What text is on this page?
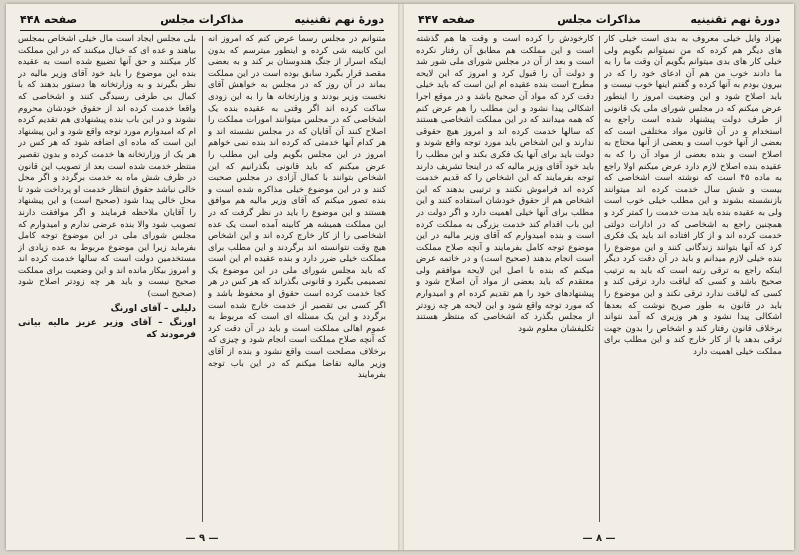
دورهٔ نهم تقنینیه
مذاکرات مجلس
صفحه ۴۴۸

متنوانم در مجلس رسما عرض کنم که امروز انه این کابینه شی کرده و اینطور میترسم که بدون اینکه اسرار از جنگ هندوستان بر کند و به بعضی مقصد قرار بگیرد سابق بوده است در این مملکت بماند در آن روز که در مجلس به خواهش آقای نخست وزیر بودند و وزارتخانه ها را به این زودی ساکت کرده اند اگر وقتی به عقیده بنده یک اشخاصی که در مجلس میتوانند امورات مملکت را اصلاح کنند آن آقایان که در مجلس نشسته اند و هر کدام آنها خدمتی که کرده اند بنده نمی خواهم امروز در این مجلس بگویم ولی این مطلب را عرض میکنم که باید قانونی بگذرانیم که این اشخاص بتوانند با کمال آزادی در مجلس صحبت کنند و در این موضوع خیلی مذاکره شده است و بنده تصور میکنم که آقای وزیر مالیه هم موافق هستند و این موضوع را باید در نظر گرفت که در این مملکت همیشه هر کابینه آمده است یک عده اشخاصی را از کار خارج کرده اند و این اشخاص هیچ وقت نتوانسته اند برگردند و این مطلب برای مملکت خیلی ضرر دارد و بنده عقیده ام این است که باید مجلس شورای ملی در این موضوع یک تصمیمی بگیرد و قانونی بگذراند که هر کس در هر کجا خدمت کرده است حقوق او محفوظ باشد و اگر کسی بی تقصیر از خدمت خارج شده است برگردد و این یک مسئله ای است که مربوط به عموم اهالی مملکت است و باید در آن دقت کرد که آنچه صلاح مملکت است انجام شود و چیزی که برخلاف مصلحت است واقع نشود و بنده از آقای وزیر مالیه تقاضا میکنم که در این باب توجه بفرمایند

بلی مجلس ایجاد است مال خیلی اشخاص بمجلس بیاهند و عده ای که خیال میکنند که در این مملکت کار میکنند و حق آنها تضییع شده است به عقیده بنده این موضوع را باید خود آقای وزیر مالیه در نظر بگیرند و به وزارتخانه ها دستور بدهند که با کمال بی طرفی رسیدگی کنند و اشخاصی که واقعا خدمت کرده اند از حقوق خودشان محروم نشوند و در این باب بنده پیشنهادی هم تقدیم کرده ام که امیدوارم مورد توجه واقع شود و این پیشنهاد این است که ماده ای اضافه شود که هر کس در هر یک از وزارتخانه ها خدمت کرده و بدون تقصیر منتظر خدمت شده است بعد از تصویب این قانون در ظرف شش ماه به خدمت برگردد و اگر محل خالی نباشد حقوق انتظار خدمت او پرداخت شود تا محل خالی پیدا شود (صحیح است) و این پیشنهاد را آقایان ملاحظه فرمایند و اگر موافقت دارند تصویب شود والا بنده عرضی ندارم و امیدوارم که مجلس شورای ملی در این موضوع توجه کامل بفرماید زیرا این موضوع مربوط به عده زیادی از مستخدمین دولت است که سالها خدمت کرده اند و امروز بیکار مانده اند و این وضعیت برای مملکت صحیح نیست و باید هر چه زودتر اصلاح شود (صحیح است)

دلیلی – آقای اورنگ

اورنگ – آقای وزیر عزیز مالیه بیانی فرمودند که

— ۹ —
دورهٔ نهم تقنینیه
مذاکرات مجلس
صفحه ۴۴۷

بهزاد وایل خیلی معروف به بدی است خیلی کار های دیگر هم کرده که من نمیتوانم بگویم ولی خیلی کار های بدی میتوانم بگویم آن وقت ما را به ما دادند خوب من هم آن ادعای خود را که در بیرون بودم به آنها کرده و گفتم اینها خوب نیست و باید اصلاح شود و این وضعیت امروز را اینطور عرض میکنم که در مجلس شورای ملی یک قانونی از طرف دولت پیشنهاد شده است راجع به استخدام و در آن قانون مواد مختلفی است که بعضی از آنها خوب است و بعضی از آنها محتاج به اصلاح است و بنده بعضی از مواد آن را که به عقیده بنده اصلاح لازم دارد عرض میکنم اولا راجع به ماده ۴۵ است که نوشته است اشخاصی که بیست و شش سال خدمت کرده اند میتوانند بازنشسته بشوند و این مطلب خیلی خوب است ولی به عقیده بنده باید مدت خدمت را کمتر کرد و همچنین راجع به اشخاصی که در ادارات دولتی خدمت کرده اند و از کار افتاده اند باید یک فکری کرد که آنها بتوانند زندگانی کنند و این موضوع را بنده خیلی لازم میدانم و باید در آن دقت کرد دیگر اینکه راجع به ترقی رتبه است که باید به ترتیب صحیح باشد و کسی که لیاقت دارد ترقی کند و کسی که لیاقت ندارد ترقی نکند و این موضوع را باید در قانون به طور صریح نوشت که بعدها اشکالی پیدا نشود و هر وزیری که آمد نتواند برخلاف قانون رفتار کند و اشخاص را بدون جهت ترقی بدهد یا از کار خارج کند و این مطلب برای مملکت خیلی اهمیت دارد

کارخودش را کرده است و وقت ها هم گذشته است و این مملکت هم مطابق آن رفتار نکرده است و بعد از آن در مجلس شورای ملی شور شد و دولت آن را قبول کرد و امروز که این لایحه مطرح است بنده عقیده ام این است که باید خیلی دقت کرد که مواد آن صحیح باشد و در موقع اجرا اشکالی پیدا نشود و این مطلب را هم عرض کنم که همه میدانند که در این مملکت اشخاصی هستند که سالها خدمت کرده اند و امروز هیچ حقوقی ندارند و این اشخاص باید مورد توجه واقع شوند و دولت باید برای آنها یک فکری بکند و این مطلب را باید خود آقای وزیر مالیه که در اینجا تشریف دارند توجه بفرمایند که این اشخاص را که قدیم خدمت کرده اند فراموش نکنند و ترتیبی بدهند که این اشخاص هم از حقوق خودشان استفاده کنند و این مطلب برای آنها خیلی اهمیت دارد و اگر دولت در این باب اقدام کند خدمت بزرگی به مملکت کرده است و بنده امیدوارم که آقای وزیر مالیه در این موضوع توجه کامل بفرمایند و آنچه صلاح مملکت است انجام بدهند (صحیح است) و در خاتمه عرض میکنم که بنده با اصل این لایحه موافقم ولی معتقدم که باید بعضی از مواد آن اصلاح شود و پیشنهادهای خود را هم تقدیم کرده ام و امیدوارم که مورد توجه واقع شود و این لایحه هر چه زودتر از مجلس بگذرد که اشخاصی که منتظر هستند تکلیفشان معلوم شود

— ۸ —
